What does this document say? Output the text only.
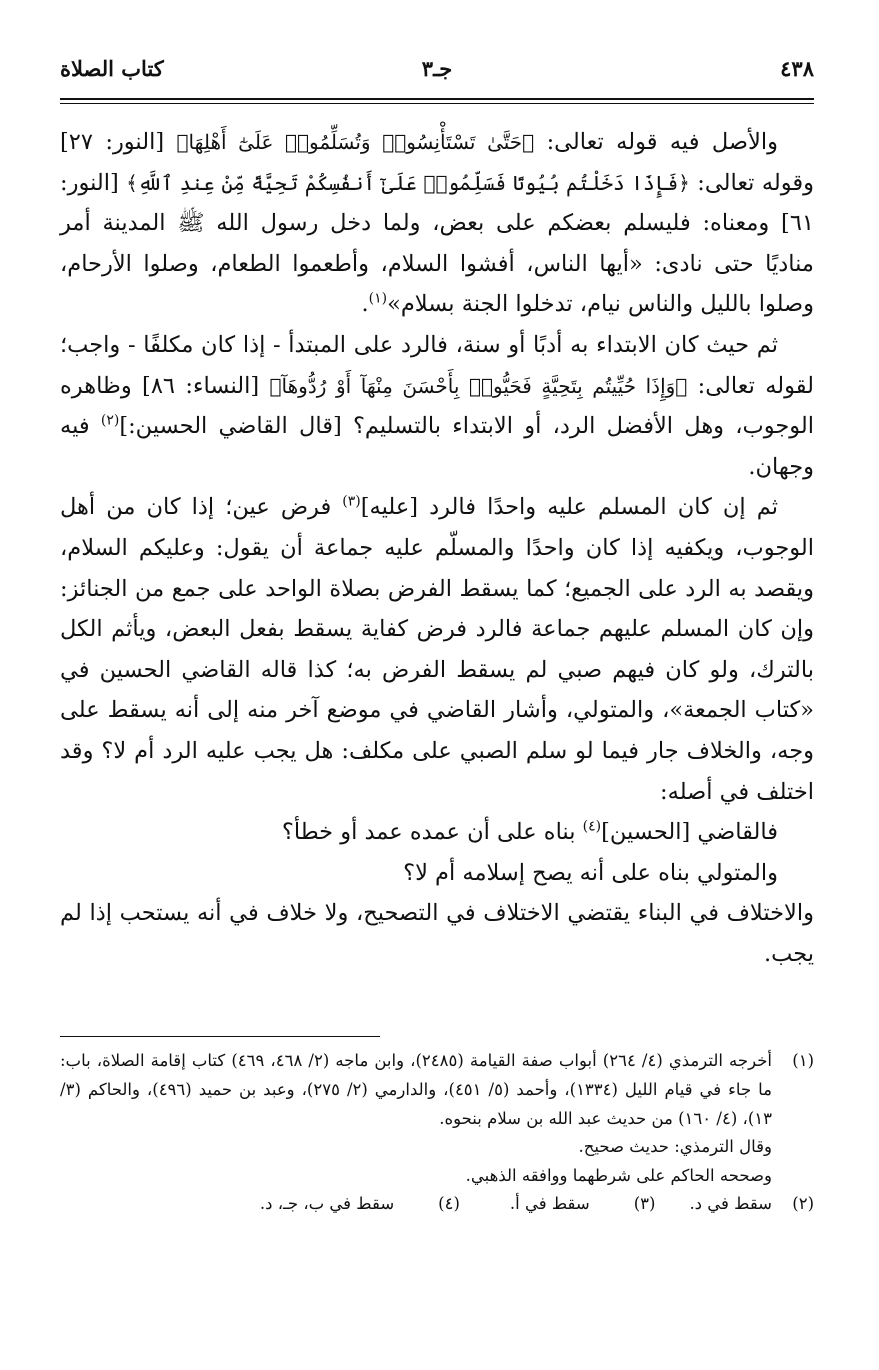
٤٣٨
جـ٣
كتاب الصلاة

والأصل فيه قوله تعالى: ﴿حَتَّىٰ تَسْتَأْنِسُوا۟ وَتُسَلِّمُوا۟ عَلَىٰٓ أَهْلِهَا﴾ [النور: ٢٧] وقوله تعالى: ﴿فَإِذَا دَخَلْتُم بُيُوتًا فَسَلِّمُوا۟ عَلَىٰٓ أَنفُسِكُمْ تَحِيَّةً مِّنْ عِندِ ٱللَّهِ﴾ [النور: ٦١] ومعناه: فليسلم بعضكم على بعض، ولما دخل رسول الله ﷺ المدينة أمر مناديًا حتى نادى: «أيها الناس، أفشوا السلام، وأطعموا الطعام، وصلوا الأرحام، وصلوا بالليل والناس نيام، تدخلوا الجنة بسلام»$^{(١)}$.

ثم حيث كان الابتداء به أدبًا أو سنة، فالرد على المبتدأ - إذا كان مكلفًا - واجب؛ لقوله تعالى: ﴿وَإِذَا حُيِّيتُم بِتَحِيَّةٍ فَحَيُّوا۟ بِأَحْسَنَ مِنْهَآ أَوْ رُدُّوهَآ﴾ [النساء: ٨٦] وظاهره الوجوب، وهل الأفضل الرد، أو الابتداء بالتسليم؟ [قال القاضي الحسين:]$^{(٢)}$ فيه وجهان.

ثم إن كان المسلم عليه واحدًا فالرد [عليه]$^{(٣)}$ فرض عين؛ إذا كان من أهل الوجوب، ويكفيه إذا كان واحدًا والمسلّم عليه جماعة أن يقول: وعليكم السلام، ويقصد به الرد على الجميع؛ كما يسقط الفرض بصلاة الواحد على جمع من الجنائز: وإن كان المسلم عليهم جماعة فالرد فرض كفاية يسقط بفعل البعض، ويأثم الكل بالترك، ولو كان فيهم صبي لم يسقط الفرض به؛ كذا قاله القاضي الحسين في «كتاب الجمعة»، والمتولي، وأشار القاضي في موضع آخر منه إلى أنه يسقط على وجه، والخلاف جار فيما لو سلم الصبي على مكلف: هل يجب عليه الرد أم لا؟ وقد اختلف في أصله:

فالقاضي [الحسين]$^{(٤)}$ بناه على أن عمده عمد أو خطأ؟

والمتولي بناه على أنه يصح إسلامه أم لا؟

والاختلاف في البناء يقتضي الاختلاف في التصحيح، ولا خلاف في أنه يستحب إذا لم يجب.

(١)
أخرجه الترمذي (٤/ ٢٦٤) أبواب صفة القيامة (٢٤٨٥)، وابن ماجه (٢/ ٤٦٨، ٤٦٩) كتاب إقامة الصلاة، باب: ما جاء في قيام الليل (١٣٣٤)، وأحمد (٥/ ٤٥١)، والدارمي (٢/ ٢٧٥)، وعبد بن حميد (٤٩٦)، والحاكم (٣/ ١٣)، (٤/ ١٦٠) من حديث عبد الله بن سلام بنحوه.
وقال الترمذي: حديث صحيح.
وصححه الحاكم على شرطهما ووافقه الذهبي.
(٢)
سقط في د.
(٣)
سقط في أ.
(٤)
سقط في ب، جـ، د.
